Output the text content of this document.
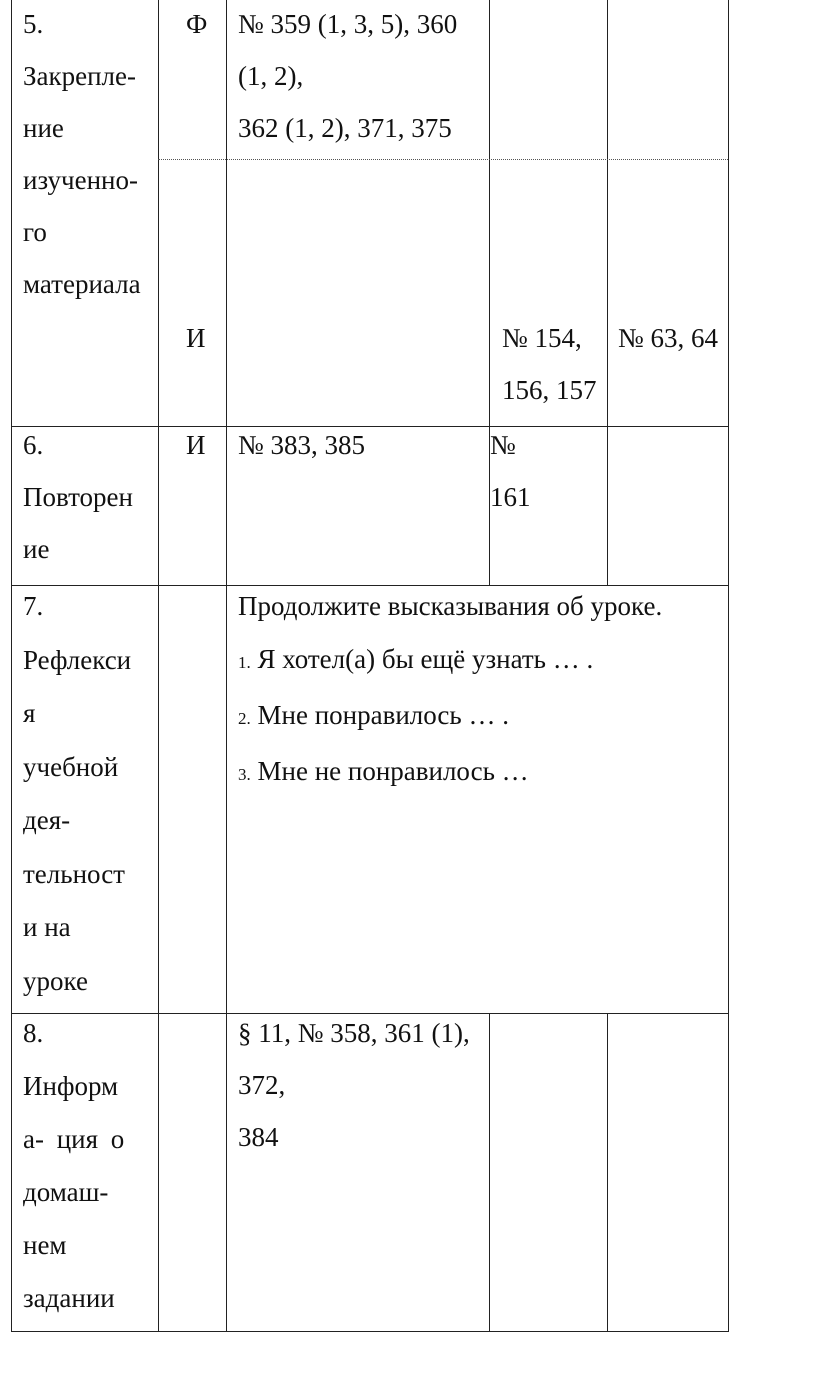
5.
Закрепле-
ние
изученно-
го
материала
Ф № 359 (1, 3, 5), 360
(1, 2),
362 (1, 2), 371, 375
И	№ 154,
156, 157
№ 63, 64
6.
Повторен
ие
И № 383, 385	№
161
7.
Рефлекси
я
учебной
дея-
тельност
и на
уроке
Продолжите высказывания об уроке.
1. Я хотел(а) бы ещё узнать … .
2. Мне понравилось … .
3. Мне не понравилось …
8.
Информ
а- ция о
домаш-
нем
задании
§ 11, № 358, 361 (1),
372,
384
